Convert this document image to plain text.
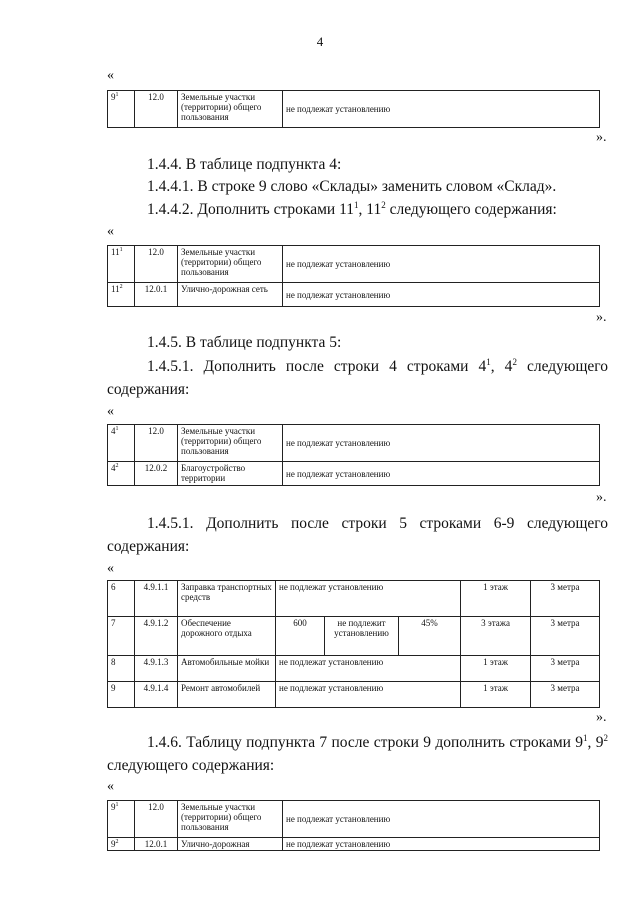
4
«
$9^1$	12.0	Земельные участки (территории) общего пользования	не подлежат установлению
».
1.4.4. В таблице подпункта 4:
1.4.4.1. В строке 9 слово «Склады» заменить словом «Склад».
1.4.4.2. Дополнить строками $11^1$, $11^2$ следующего содержания:
«
$11^1$	12.0	Земельные участки (территории) общего пользования	не подлежат установлению
$11^2$	12.0.1	Улично-дорожная сеть	не подлежат установлению
».
1.4.5. В таблице подпункта 5:
1.4.5.1. Дополнить после строки 4 строками $4^1$, $4^2$ следующего
содержания:
«
$4^1$	12.0	Земельные участки (территории) общего пользования	не подлежат установлению
$4^2$	12.0.2	Благоустройство территории	не подлежат установлению
».
1.4.5.1. Дополнить после строки 5 строками 6-9 следующего
содержания:
«
6	4.9.1.1	Заправка транспортных средств	не подлежат установлению			1 этаж	3 метра
7	4.9.1.2	Обеспечение дорожного отдыха	600	не подлежит установлению	45%	3 этажа	3 метра
8	4.9.1.3	Автомобильные мойки	не подлежат установлению			1 этаж	3 метра
9	4.9.1.4	Ремонт автомобилей	не подлежат установлению			1 этаж	3 метра
».
1.4.6. Таблицу подпункта 7 после строки 9 дополнить строками $9^1$, $9^2$
следующего содержания:
«
$9^1$	12.0	Земельные участки (территории) общего пользования	не подлежат установлению
$9^2$	12.0.1	Улично-дорожная	не подлежат установлению
